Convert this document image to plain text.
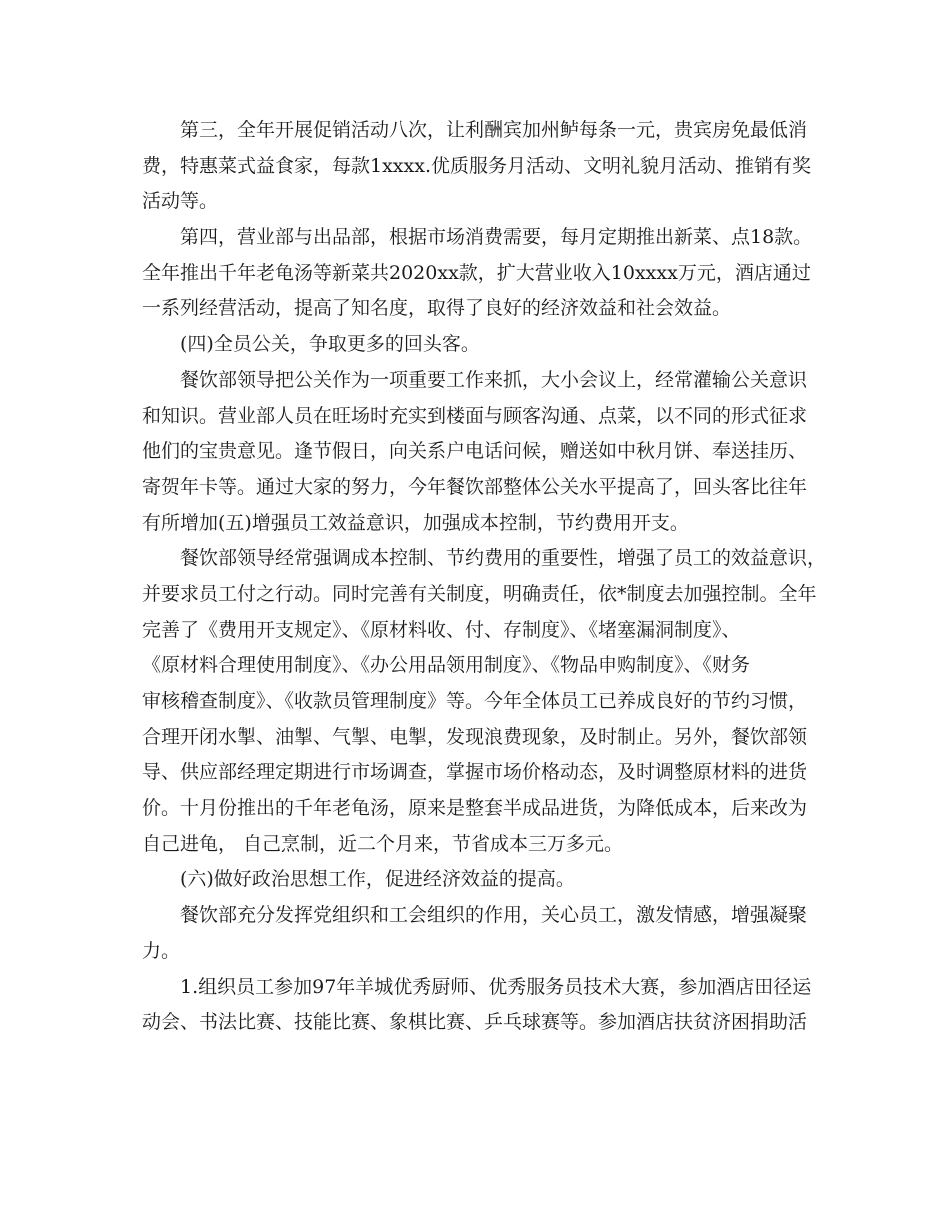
第三，全年开展促销活动八次，让利酬宾加州鲈每条一元，贵宾房免最低消
费，特惠菜式益食家，每款1xxxx.优质服务月活动、文明礼貌月活动、推销有奖
活动等。
第四，营业部与出品部，根据市场消费需要，每月定期推出新菜、点18款。
全年推出千年老龟汤等新菜共2020xx款，扩大营业收入10xxxx万元，酒店通过
一系列经营活动，提高了知名度，取得了良好的经济效益和社会效益。
(四)全员公关，争取更多的回头客。
餐饮部领导把公关作为一项重要工作来抓，大小会议上，经常灌输公关意识
和知识。营业部人员在旺场时充实到楼面与顾客沟通、点菜，以不同的形式征求
他们的宝贵意见。逢节假日，向关系户电话问候，赠送如中秋月饼、奉送挂历、
寄贺年卡等。通过大家的努力，今年餐饮部整体公关水平提高了，回头客比往年
有所增加(五)增强员工效益意识，加强成本控制，节约费用开支。
餐饮部领导经常强调成本控制、节约费用的重要性，增强了员工的效益意识，
并要求员工付之行动。同时完善有关制度，明确责任，依*制度去加强控制。全年
完善了《费用开支规定》、《原材料收、付、存制度》、《堵塞漏洞制度》、
《原材料合理使用制度》、《办公用品领用制度》、《物品申购制度》、《财务
审核稽查制度》、《收款员管理制度》等。今年全体员工已养成良好的节约习惯，
合理开闭水掣、油掣、气掣、电掣，发现浪费现象，及时制止。另外，餐饮部领
导、供应部经理定期进行市场调查，掌握市场价格动态，及时调整原材料的进货
价。十月份推出的千年老龟汤，原来是整套半成品进货，为降低成本，后来改为
自己进龟， 自己烹制，近二个月来，节省成本三万多元。
(六)做好政治思想工作，促进经济效益的提高。
餐饮部充分发挥党组织和工会组织的作用，关心员工，激发情感，增强凝聚
力。
1.组织员工参加97年羊城优秀厨师、优秀服务员技术大赛，参加酒店田径运
动会、书法比赛、技能比赛、象棋比赛、乒乓球赛等。参加酒店扶贫济困捐助活
